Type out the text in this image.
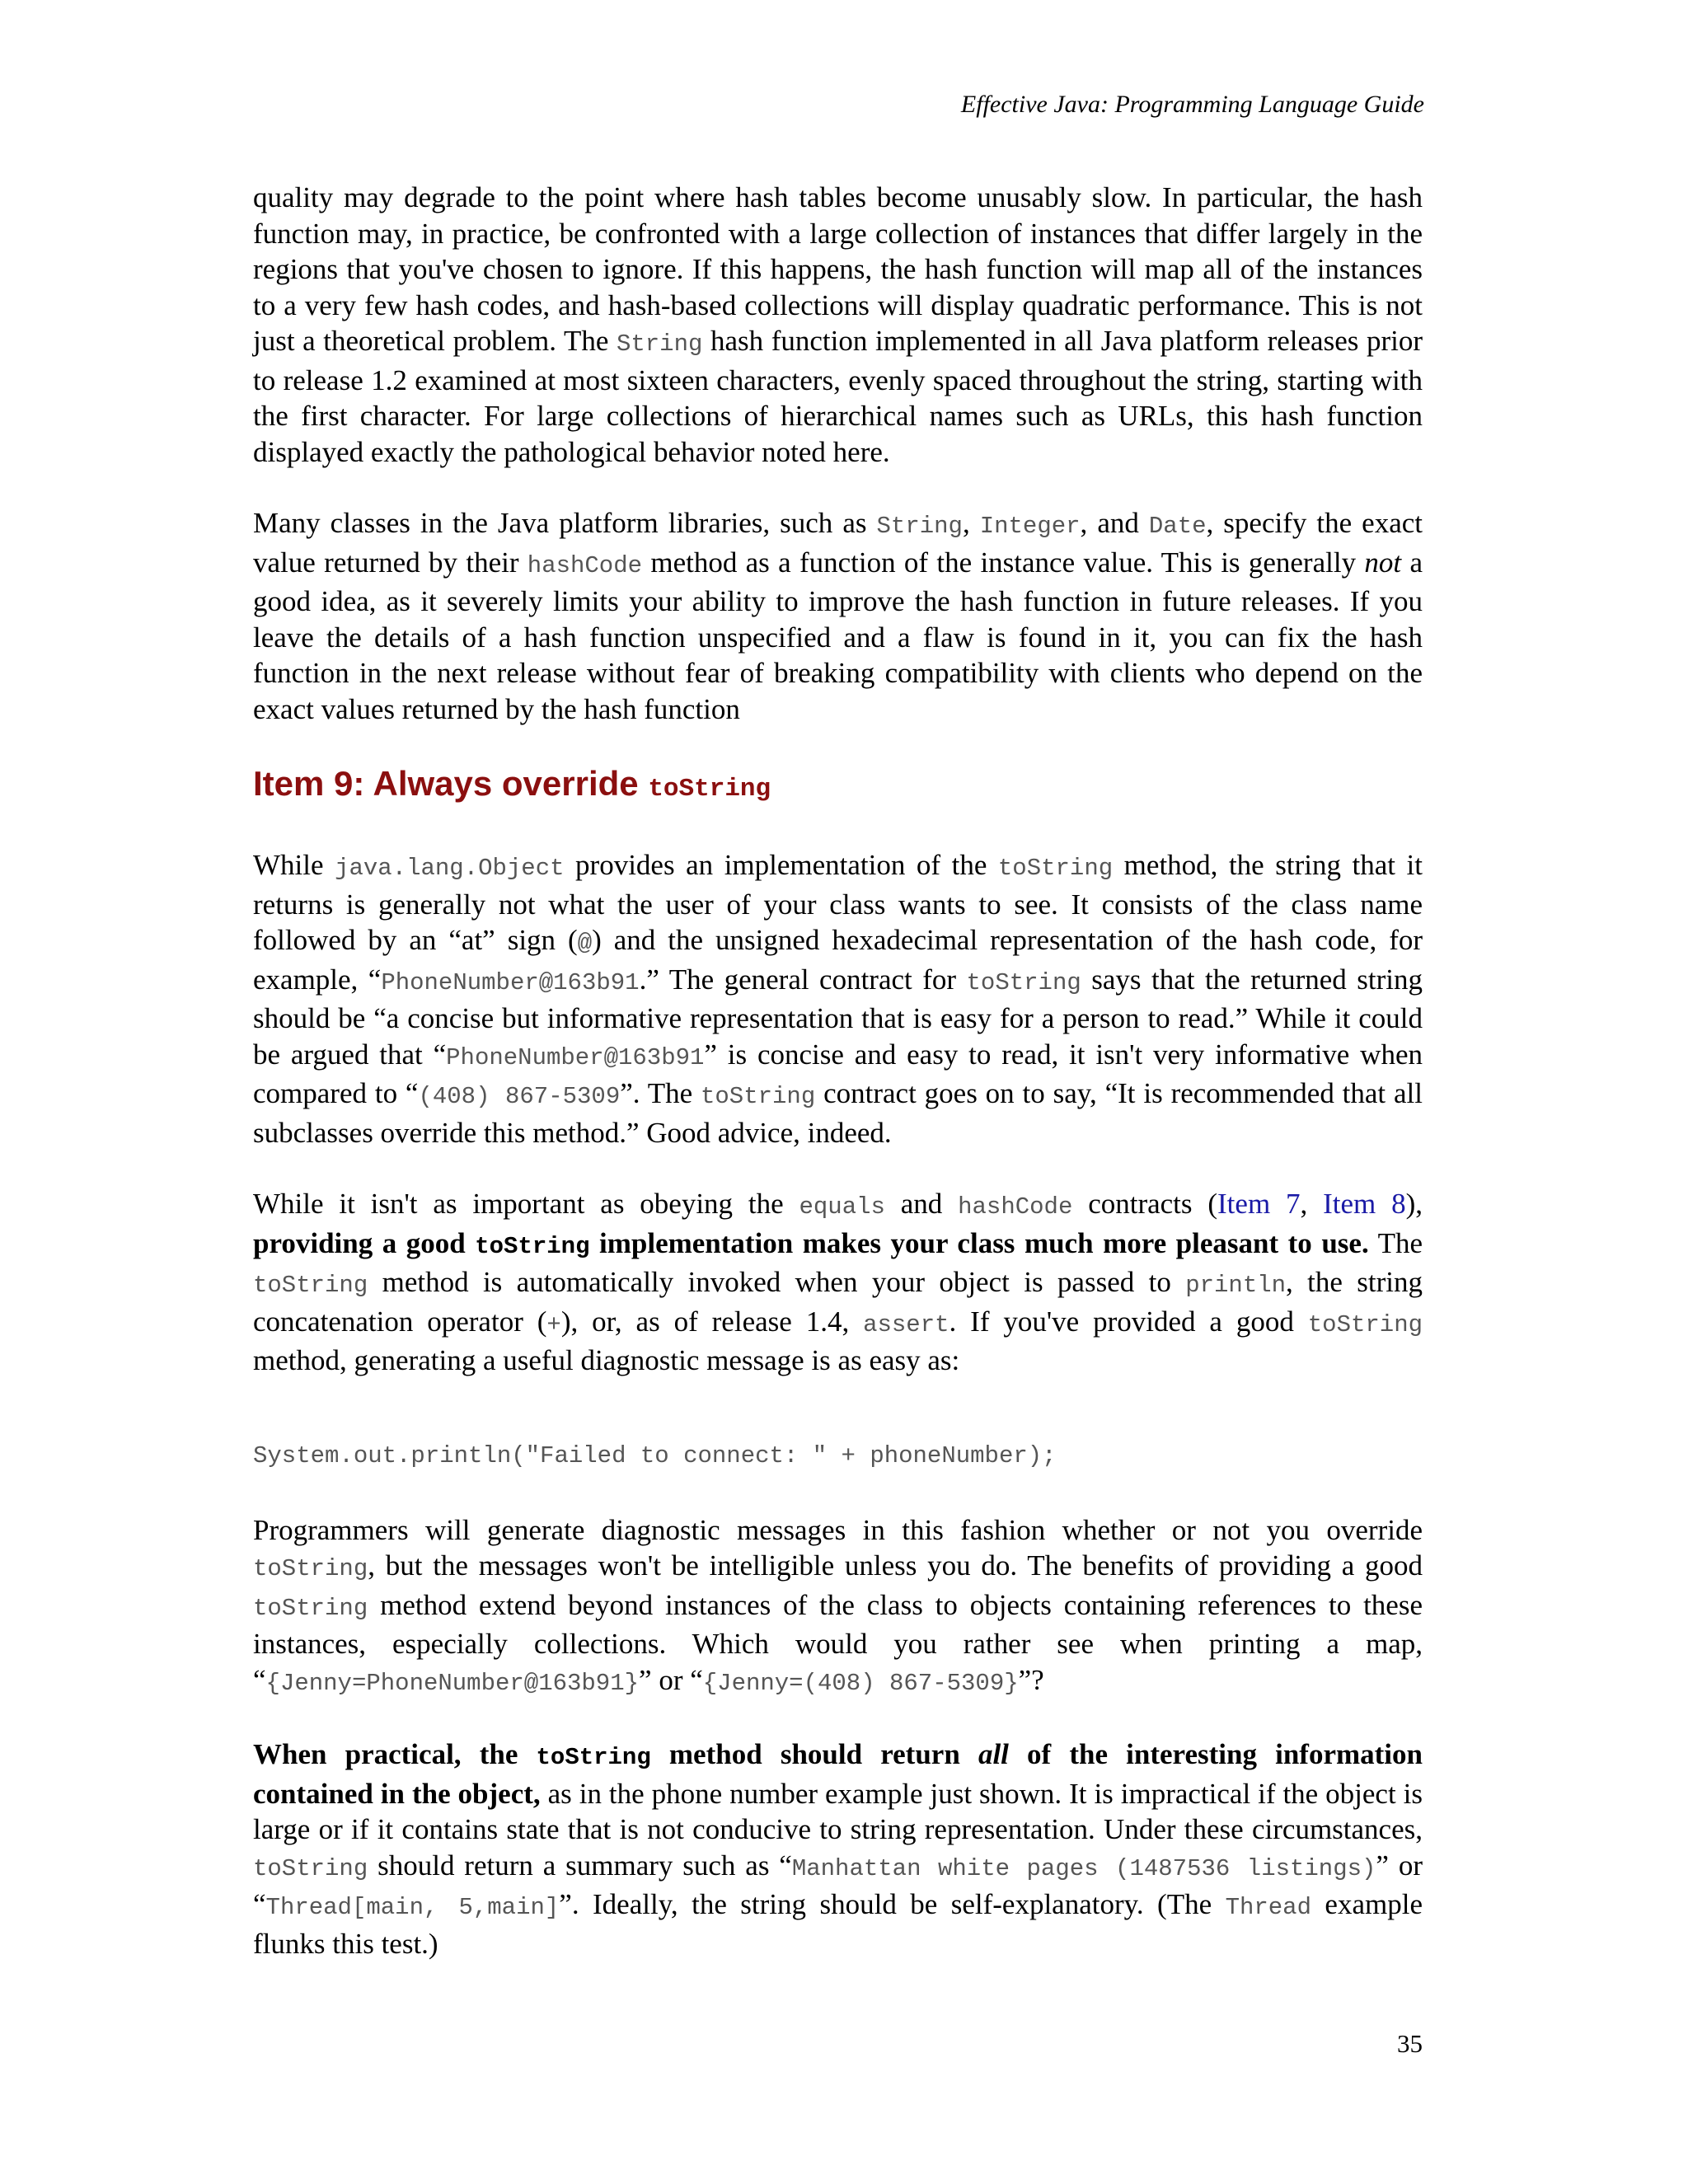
Effective Java: Programming Language Guide

quality may degrade to the point where hash tables become unusably slow. In particular, the hash function may, in practice, be confronted with a large collection of instances that differ largely in the regions that you've chosen to ignore. If this happens, the hash function will map all of the instances to a very few hash codes, and hash-based collections will display quadratic performance. This is not just a theoretical problem. The String hash function implemented in all Java platform releases prior to release 1.2 examined at most sixteen characters, evenly spaced throughout the string, starting with the first character. For large collections of hierarchical names such as URLs, this hash function displayed exactly the pathological behavior noted here.

Many classes in the Java platform libraries, such as String, Integer, and Date, specify the exact value returned by their hashCode method as a function of the instance value. This is generally not a good idea, as it severely limits your ability to improve the hash function in future releases. If you leave the details of a hash function unspecified and a flaw is found in it, you can fix the hash function in the next release without fear of breaking compatibility with clients who depend on the exact values returned by the hash function

Item 9: Always override toString

While java.lang.Object provides an implementation of the toString method, the string that it returns is generally not what the user of your class wants to see. It consists of the class name followed by an “at” sign (@) and the unsigned hexadecimal representation of the hash code, for example, “PhoneNumber@163b91.” The general contract for toString says that the returned string should be “a concise but informative representation that is easy for a person to read.” While it could be argued that “PhoneNumber@163b91” is concise and easy to read, it isn't very informative when compared to “(408) 867-5309”. The toString contract goes on to say, “It is recommended that all subclasses override this method.” Good advice, indeed.

While it isn't as important as obeying the equals and hashCode contracts (Item 7, Item 8), providing a good toString implementation makes your class much more pleasant to use. The toString method is automatically invoked when your object is passed to println, the string concatenation operator (+), or, as of release 1.4, assert. If you've provided a good toString method, generating a useful diagnostic message is as easy as:

System.out.println("Failed to connect: " + phoneNumber);

Programmers will generate diagnostic messages in this fashion whether or not you override toString, but the messages won't be intelligible unless you do. The benefits of providing a good toString method extend beyond instances of the class to objects containing references to these instances, especially collections. Which would you rather see when printing a map, “{Jenny=PhoneNumber@163b91}” or “{Jenny=(408) 867-5309}”?

When practical, the toString method should return all of the interesting information contained in the object, as in the phone number example just shown. It is impractical if the object is large or if it contains state that is not conducive to string representation. Under these circumstances, toString should return a summary such as “Manhattan white pages (1487536 listings)” or “Thread[main, 5,main]”. Ideally, the string should be self-explanatory. (The Thread example flunks this test.)

35
